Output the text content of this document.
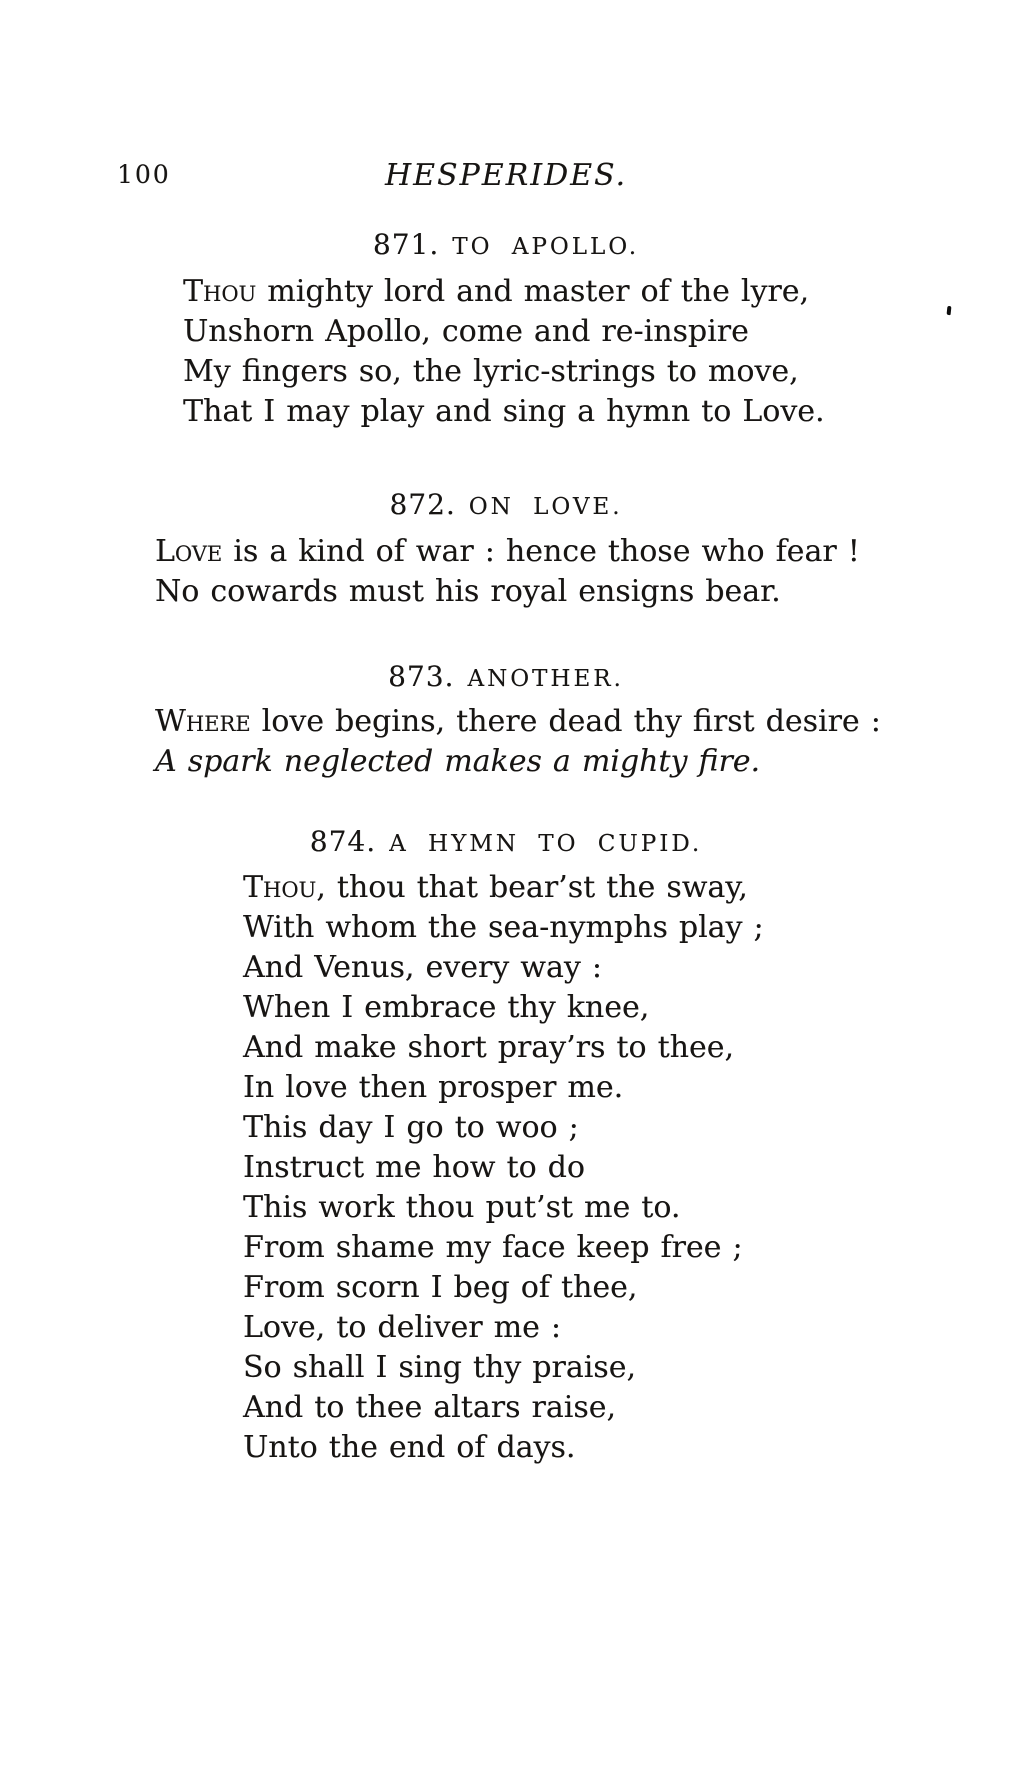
100	HESPERIDES.
871. TO APOLLO.
Thou mighty lord and master of the lyre,
Unshorn Apollo, come and re-inspire
My fingers so, the lyric-strings to move,
That I may play and sing a hymn to Love.
872. ON LOVE.
Love is a kind of war : hence those who fear !
No cowards must his royal ensigns bear.
873. ANOTHER.
Where love begins, there dead thy first desire :
A spark neglected makes a mighty fire.
874. A HYMN TO CUPID.
Thou, thou that bear’st the sway,
With whom the sea-nymphs play ;
And Venus, every way :
When I embrace thy knee,
And make short pray’rs to thee,
In love then prosper me.
This day I go to woo ;
Instruct me how to do
This work thou put’st me to.
From shame my face keep free ;
From scorn I beg of thee,
Love, to deliver me :
So shall I sing thy praise,
And to thee altars raise,
Unto the end of days.
